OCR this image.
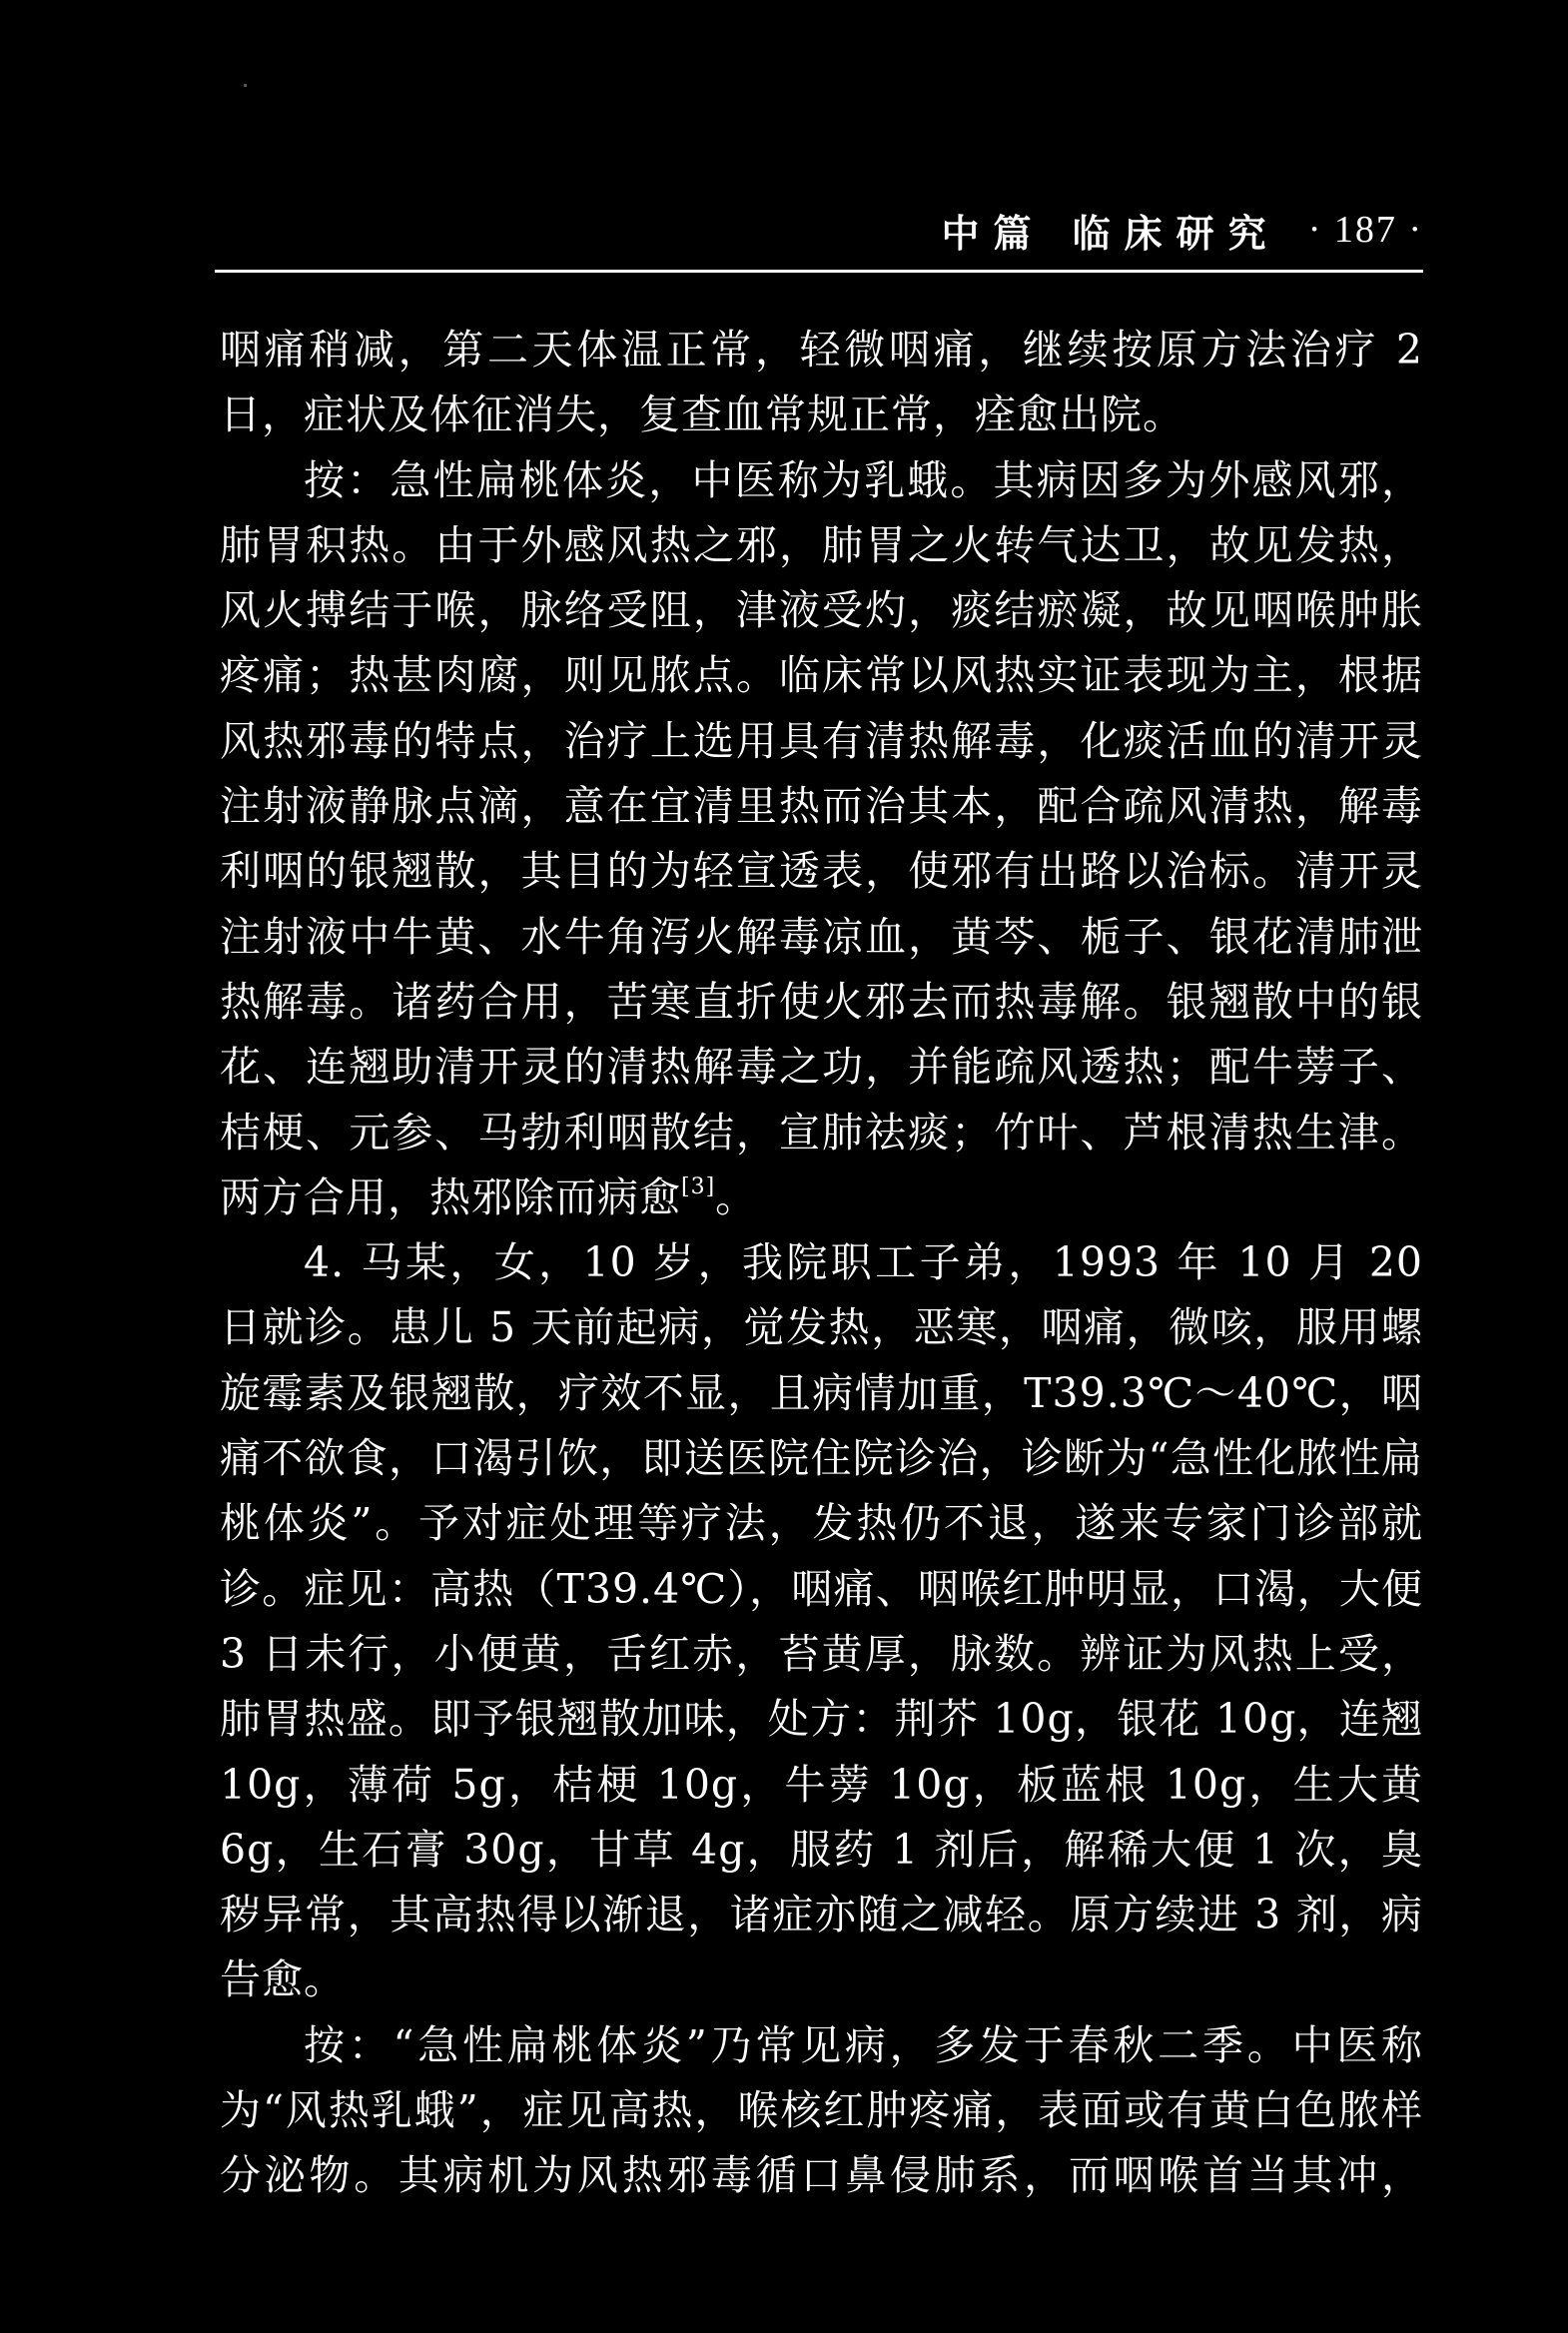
中篇 临床研究 · 187 ·

咽痛稍减，第二天体温正常，轻微咽痛，继续按原方法治疗 2 日，症状及体征消失，复查血常规正常，痊愈出院。

按：急性扁桃体炎，中医称为乳蛾。其病因多为外感风邪，肺胃积热。由于外感风热之邪，肺胃之火转气达卫，故见发热，风火搏结于喉，脉络受阻，津液受灼，痰结瘀凝，故见咽喉肿胀疼痛；热甚肉腐，则见脓点。临床常以风热实证表现为主，根据风热邪毒的特点，治疗上选用具有清热解毒，化痰活血的清开灵注射液静脉点滴，意在宜清里热而治其本，配合疏风清热，解毒利咽的银翘散，其目的为轻宣透表，使邪有出路以治标。清开灵注射液中牛黄、水牛角泻火解毒凉血，黄芩、栀子、银花清肺泄热解毒。诸药合用，苦寒直折使火邪去而热毒解。银翘散中的银花、连翘助清开灵的清热解毒之功，并能疏风透热；配牛蒡子、桔梗、元参、马勃利咽散结，宣肺祛痰；竹叶、芦根清热生津。两方合用，热邪除而病愈[3]。

4. 马某，女，10 岁，我院职工子弟，1993 年 10 月 20 日就诊。患儿 5 天前起病，觉发热，恶寒，咽痛，微咳，服用螺旋霉素及银翘散，疗效不显，且病情加重，T39.3℃～40℃，咽痛不欲食，口渴引饮，即送医院住院诊治，诊断为“急性化脓性扁桃体炎”。予对症处理等疗法，发热仍不退，遂来专家门诊部就诊。症见：高热（T39.4℃），咽痛、咽喉红肿明显，口渴，大便 3 日未行，小便黄，舌红赤，苔黄厚，脉数。辨证为风热上受，肺胃热盛。即予银翘散加味，处方：荆芥 10g，银花 10g，连翘 10g，薄荷 5g，桔梗 10g，牛蒡 10g，板蓝根 10g，生大黄 6g，生石膏 30g，甘草 4g，服药 1 剂后，解稀大便 1 次，臭秽异常，其高热得以渐退，诸症亦随之减轻。原方续进 3 剂，病告愈。

按：“急性扁桃体炎”乃常见病，多发于春秋二季。中医称为“风热乳蛾”，症见高热，喉核红肿疼痛，表面或有黄白色脓样分泌物。其病机为风热邪毒循口鼻侵肺系，而咽喉首当其冲，
